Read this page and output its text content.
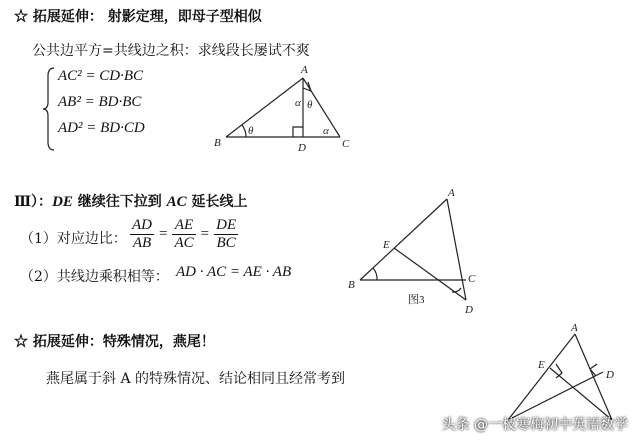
☆ 拓展延伸： 射影定理，即母子型相似
公共边平方=共线边之积：求线段长屡试不爽
AC² = CD·BC
AB² = BD·BC
AD² = BD·CD
A
B	C
D
θ
α θ
α
Ⅲ）：DE 继续往下拉到 AC 延长线上
（1）对应边比： $\frac{AD}{AB} = \frac{AE}{AC} = \frac{DE}{BC}$
（2）共线边乘积相等： AD · AC = AE · AB
A
B	C
D
E
图3
☆ 拓展延伸：特殊情况，燕尾！
燕尾属于斜 A 的特殊情况、结论相同且经常考到
A
E
D
头条 @一枝寒梅初中英语数学
